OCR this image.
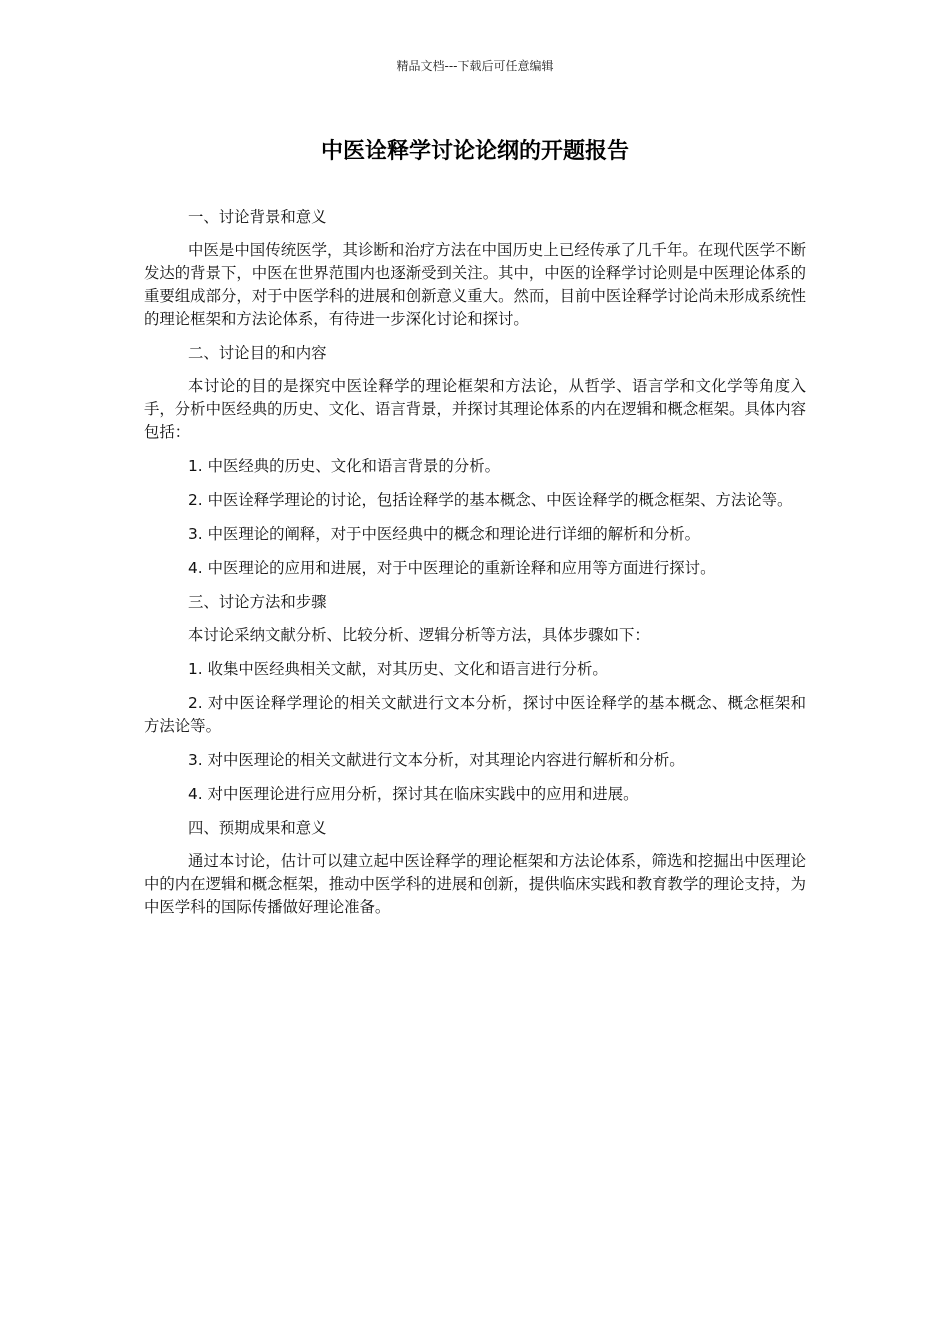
精品文档---下载后可任意编辑
中医诠释学讨论论纲的开题报告

一、讨论背景和意义

中医是中国传统医学，其诊断和治疗方法在中国历史上已经传承了几千年。在现代医学不断发达的背景下，中医在世界范围内也逐渐受到关注。其中，中医的诠释学讨论则是中医理论体系的重要组成部分，对于中医学科的进展和创新意义重大。然而，目前中医诠释学讨论尚未形成系统性的理论框架和方法论体系，有待进一步深化讨论和探讨。

二、讨论目的和内容

本讨论的目的是探究中医诠释学的理论框架和方法论，从哲学、语言学和文化学等角度入手，分析中医经典的历史、文化、语言背景，并探讨其理论体系的内在逻辑和概念框架。具体内容包括：

1. 中医经典的历史、文化和语言背景的分析。

2. 中医诠释学理论的讨论，包括诠释学的基本概念、中医诠释学的概念框架、方法论等。

3. 中医理论的阐释，对于中医经典中的概念和理论进行详细的解析和分析。

4. 中医理论的应用和进展，对于中医理论的重新诠释和应用等方面进行探讨。

三、讨论方法和步骤

本讨论采纳文献分析、比较分析、逻辑分析等方法，具体步骤如下：

1. 收集中医经典相关文献，对其历史、文化和语言进行分析。

2. 对中医诠释学理论的相关文献进行文本分析，探讨中医诠释学的基本概念、概念框架和方法论等。

3. 对中医理论的相关文献进行文本分析，对其理论内容进行解析和分析。

4. 对中医理论进行应用分析，探讨其在临床实践中的应用和进展。

四、预期成果和意义

通过本讨论，估计可以建立起中医诠释学的理论框架和方法论体系，筛选和挖掘出中医理论中的内在逻辑和概念框架，推动中医学科的进展和创新，提供临床实践和教育教学的理论支持，为中医学科的国际传播做好理论准备。
